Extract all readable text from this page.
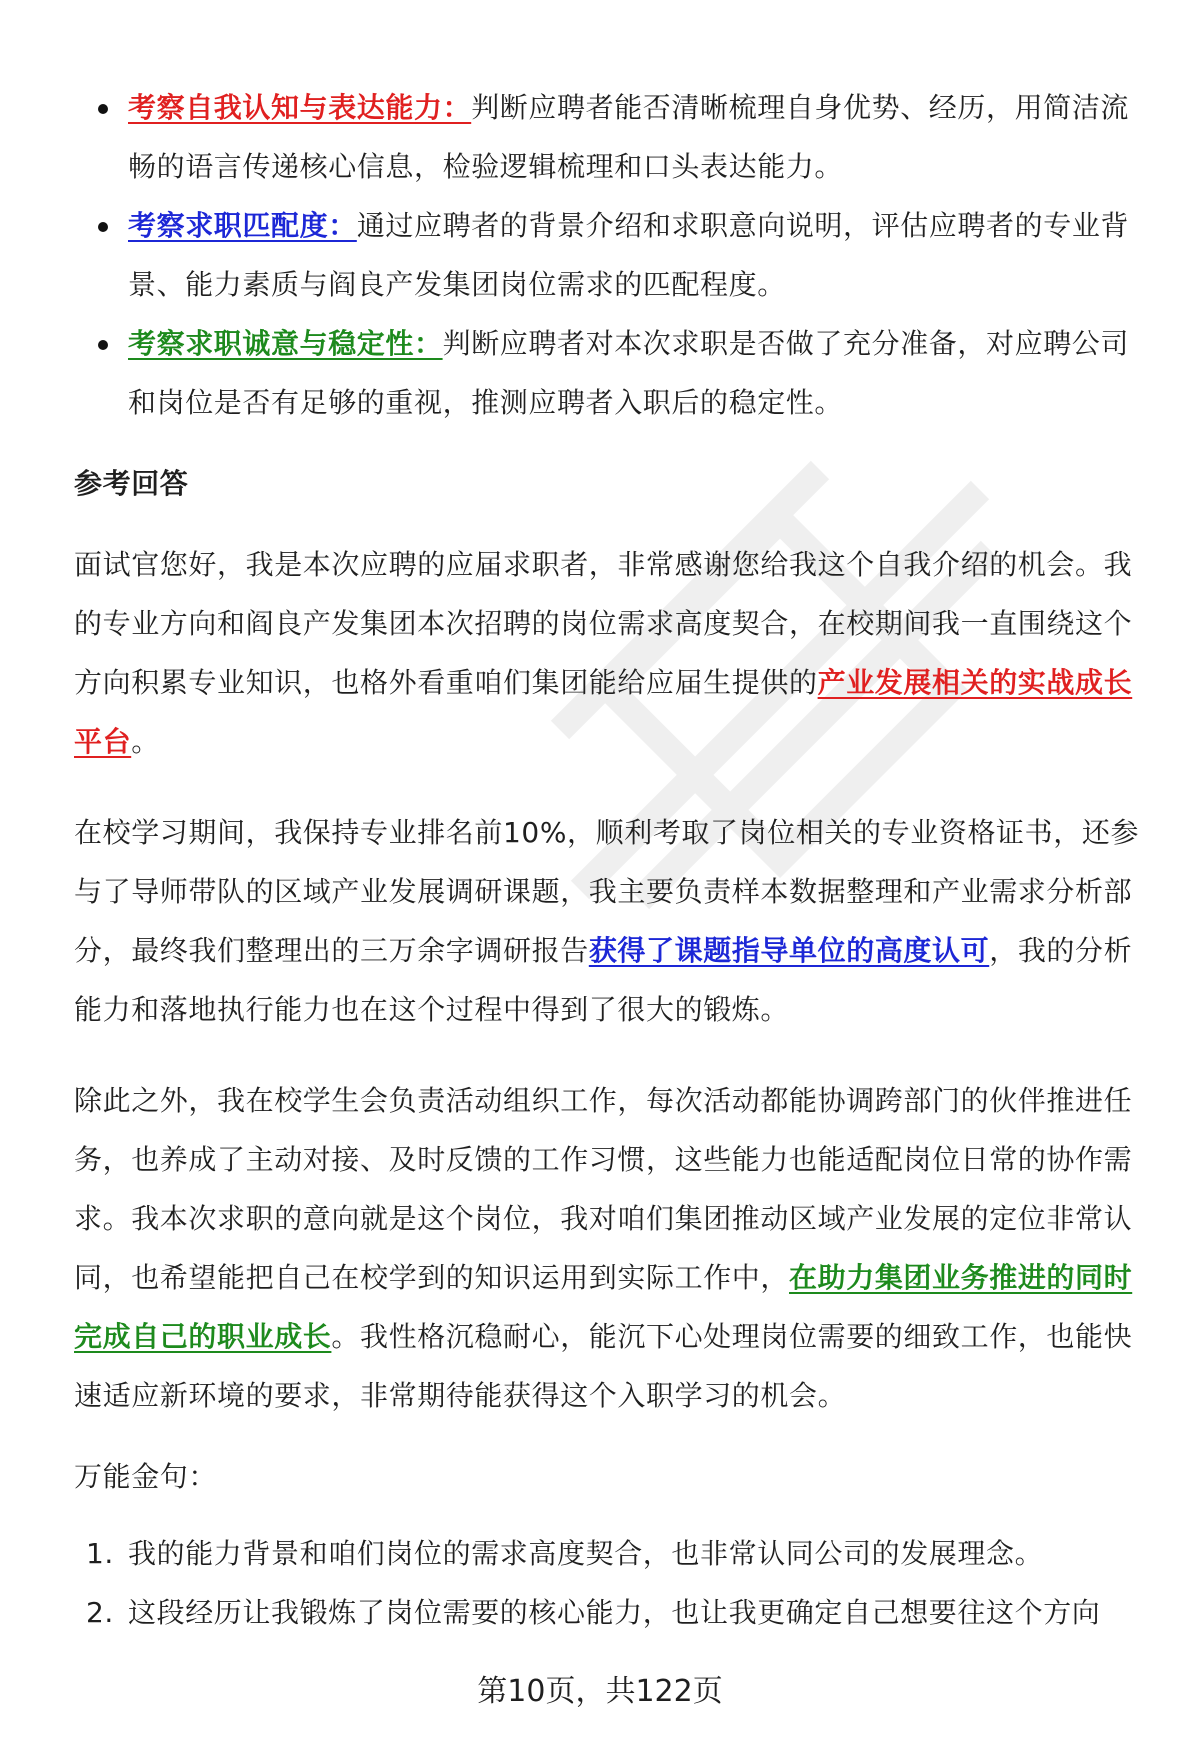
考察自我认知与表达能力：判断应聘者能否清晰梳理自身优势、经历，用简洁流畅的语言传递核心信息，检验逻辑梳理和口头表达能力。
考察求职匹配度：通过应聘者的背景介绍和求职意向说明，评估应聘者的专业背景、能力素质与阎良产发集团岗位需求的匹配程度。
考察求职诚意与稳定性：判断应聘者对本次求职是否做了充分准备，对应聘公司和岗位是否有足够的重视，推测应聘者入职后的稳定性。
参考回答

面试官您好，我是本次应聘的应届求职者，非常感谢您给我这个自我介绍的机会。我的专业方向和阎良产发集团本次招聘的岗位需求高度契合，在校期间我一直围绕这个方向积累专业知识，也格外看重咱们集团能给应届生提供的产业发展相关的实战成长平台。

在校学习期间，我保持专业排名前10%，顺利考取了岗位相关的专业资格证书，还参与了导师带队的区域产业发展调研课题，我主要负责样本数据整理和产业需求分析部分，最终我们整理出的三万余字调研报告获得了课题指导单位的高度认可，我的分析能力和落地执行能力也在这个过程中得到了很大的锻炼。

除此之外，我在校学生会负责活动组织工作，每次活动都能协调跨部门的伙伴推进任务，也养成了主动对接、及时反馈的工作习惯，这些能力也能适配岗位日常的协作需求。我本次求职的意向就是这个岗位，我对咱们集团推动区域产业发展的定位非常认同，也希望能把自己在校学到的知识运用到实际工作中，在助力集团业务推进的同时完成自己的职业成长。我性格沉稳耐心，能沉下心处理岗位需要的细致工作，也能快速适应新环境的要求，非常期待能获得这个入职学习的机会。

万能金句：
1. 我的能力背景和咱们岗位的需求高度契合，也非常认同公司的发展理念。
2. 这段经历让我锻炼了岗位需要的核心能力，也让我更确定自己想要往这个方向
第10页，共122页
